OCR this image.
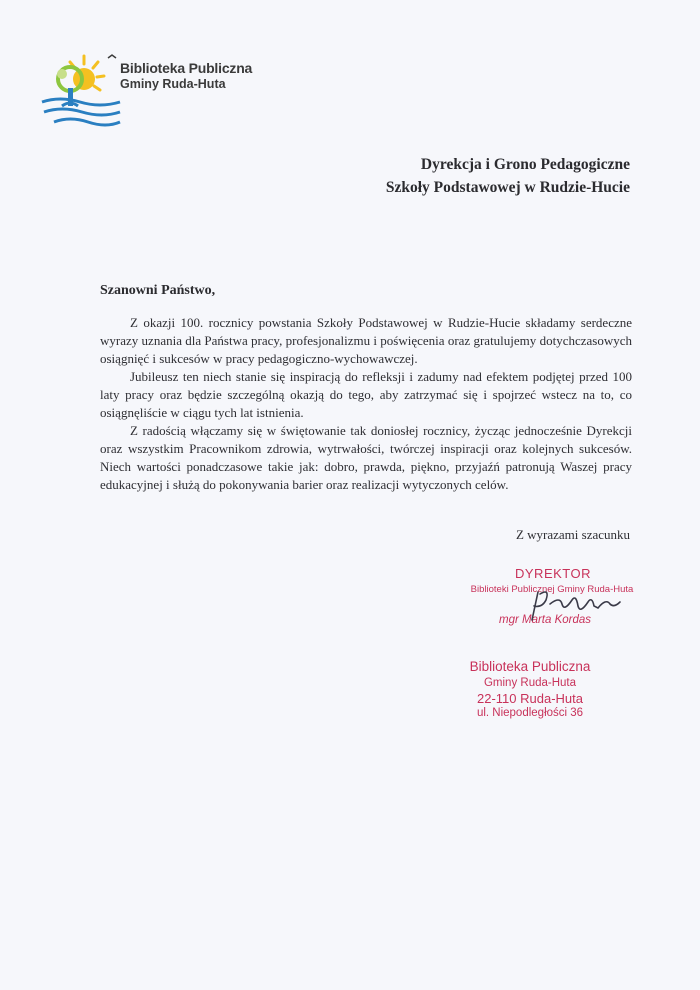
Biblioteka Publiczna
Gminy Ruda-Huta
Dyrekcja i Grono Pedagogiczne
Szkoły Podstawowej w Rudzie-Hucie
Szanowni Państwo,

Z okazji 100. rocznicy powstania Szkoły Podstawowej w Rudzie-Hucie składamy serdeczne wyrazy uznania dla Państwa pracy, profesjonalizmu i poświęcenia oraz gratulujemy dotychczasowych osiągnięć i sukcesów w pracy pedagogiczno-wychowawczej.

Jubileusz ten niech stanie się inspiracją do refleksji i zadumy nad efektem podjętej przed 100 laty pracy oraz będzie szczególną okazją do tego, aby zatrzymać się i spojrzeć wstecz na to, co osiągnęliście w ciągu tych lat istnienia.

Z radością włączamy się w świętowanie tak doniosłej rocznicy, życząc jednocześnie Dyrekcji oraz wszystkim Pracownikom zdrowia, wytrwałości, twórczej inspiracji oraz kolejnych sukcesów. Niech wartości ponadczasowe takie jak: dobro, prawda, piękno, przyjaźń patronują Waszej pracy edukacyjnej i służą do pokonywania barier oraz realizacji wytyczonych celów.

Z wyrazami szacunku
DYREKTOR
Biblioteki Publicznej Gminy Ruda-Huta
mgr Marta Kordas
Biblioteka Publiczna
Gminy Ruda-Huta
22-110 Ruda-Huta
ul. Niepodległości 36
